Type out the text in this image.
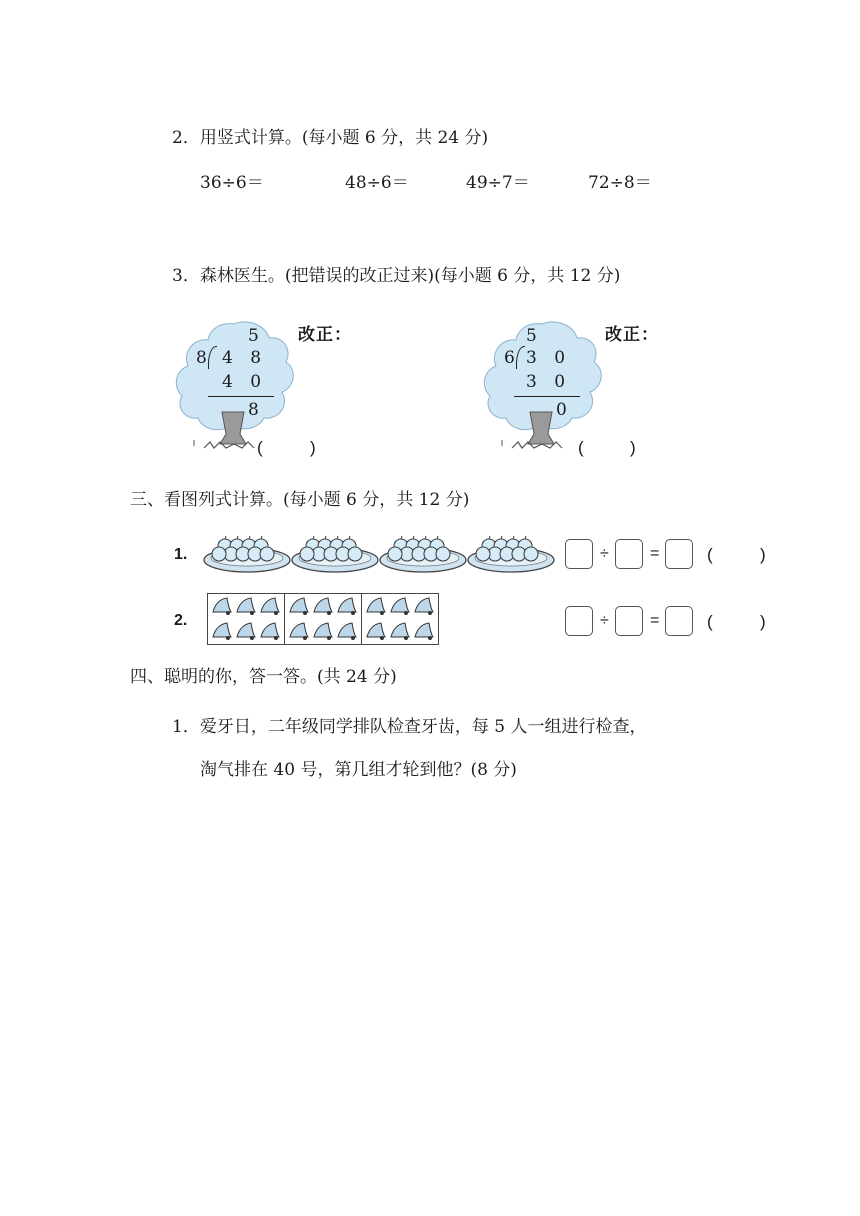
2．用竖式计算。(每小题 6 分，共 24 分)
36÷6＝	48÷6＝	49÷7＝	72÷8＝
3．森林医生。(把错误的改正过来)(每小题 6 分，共 12 分)
5
8 4 8
4 0
8
改正：
(	)
5
6 3 0
3 0
0
改正：
(	)
三、看图列式计算。(每小题 6 分，共 12 分)
1.	÷	=	(	)
2.	÷	=	(	)
四、聪明的你，答一答。(共 24 分)
1．爱牙日，二年级同学排队检查牙齿，每 5 人一组进行检查，
淘气排在 40 号，第几组才轮到他？(8 分)
